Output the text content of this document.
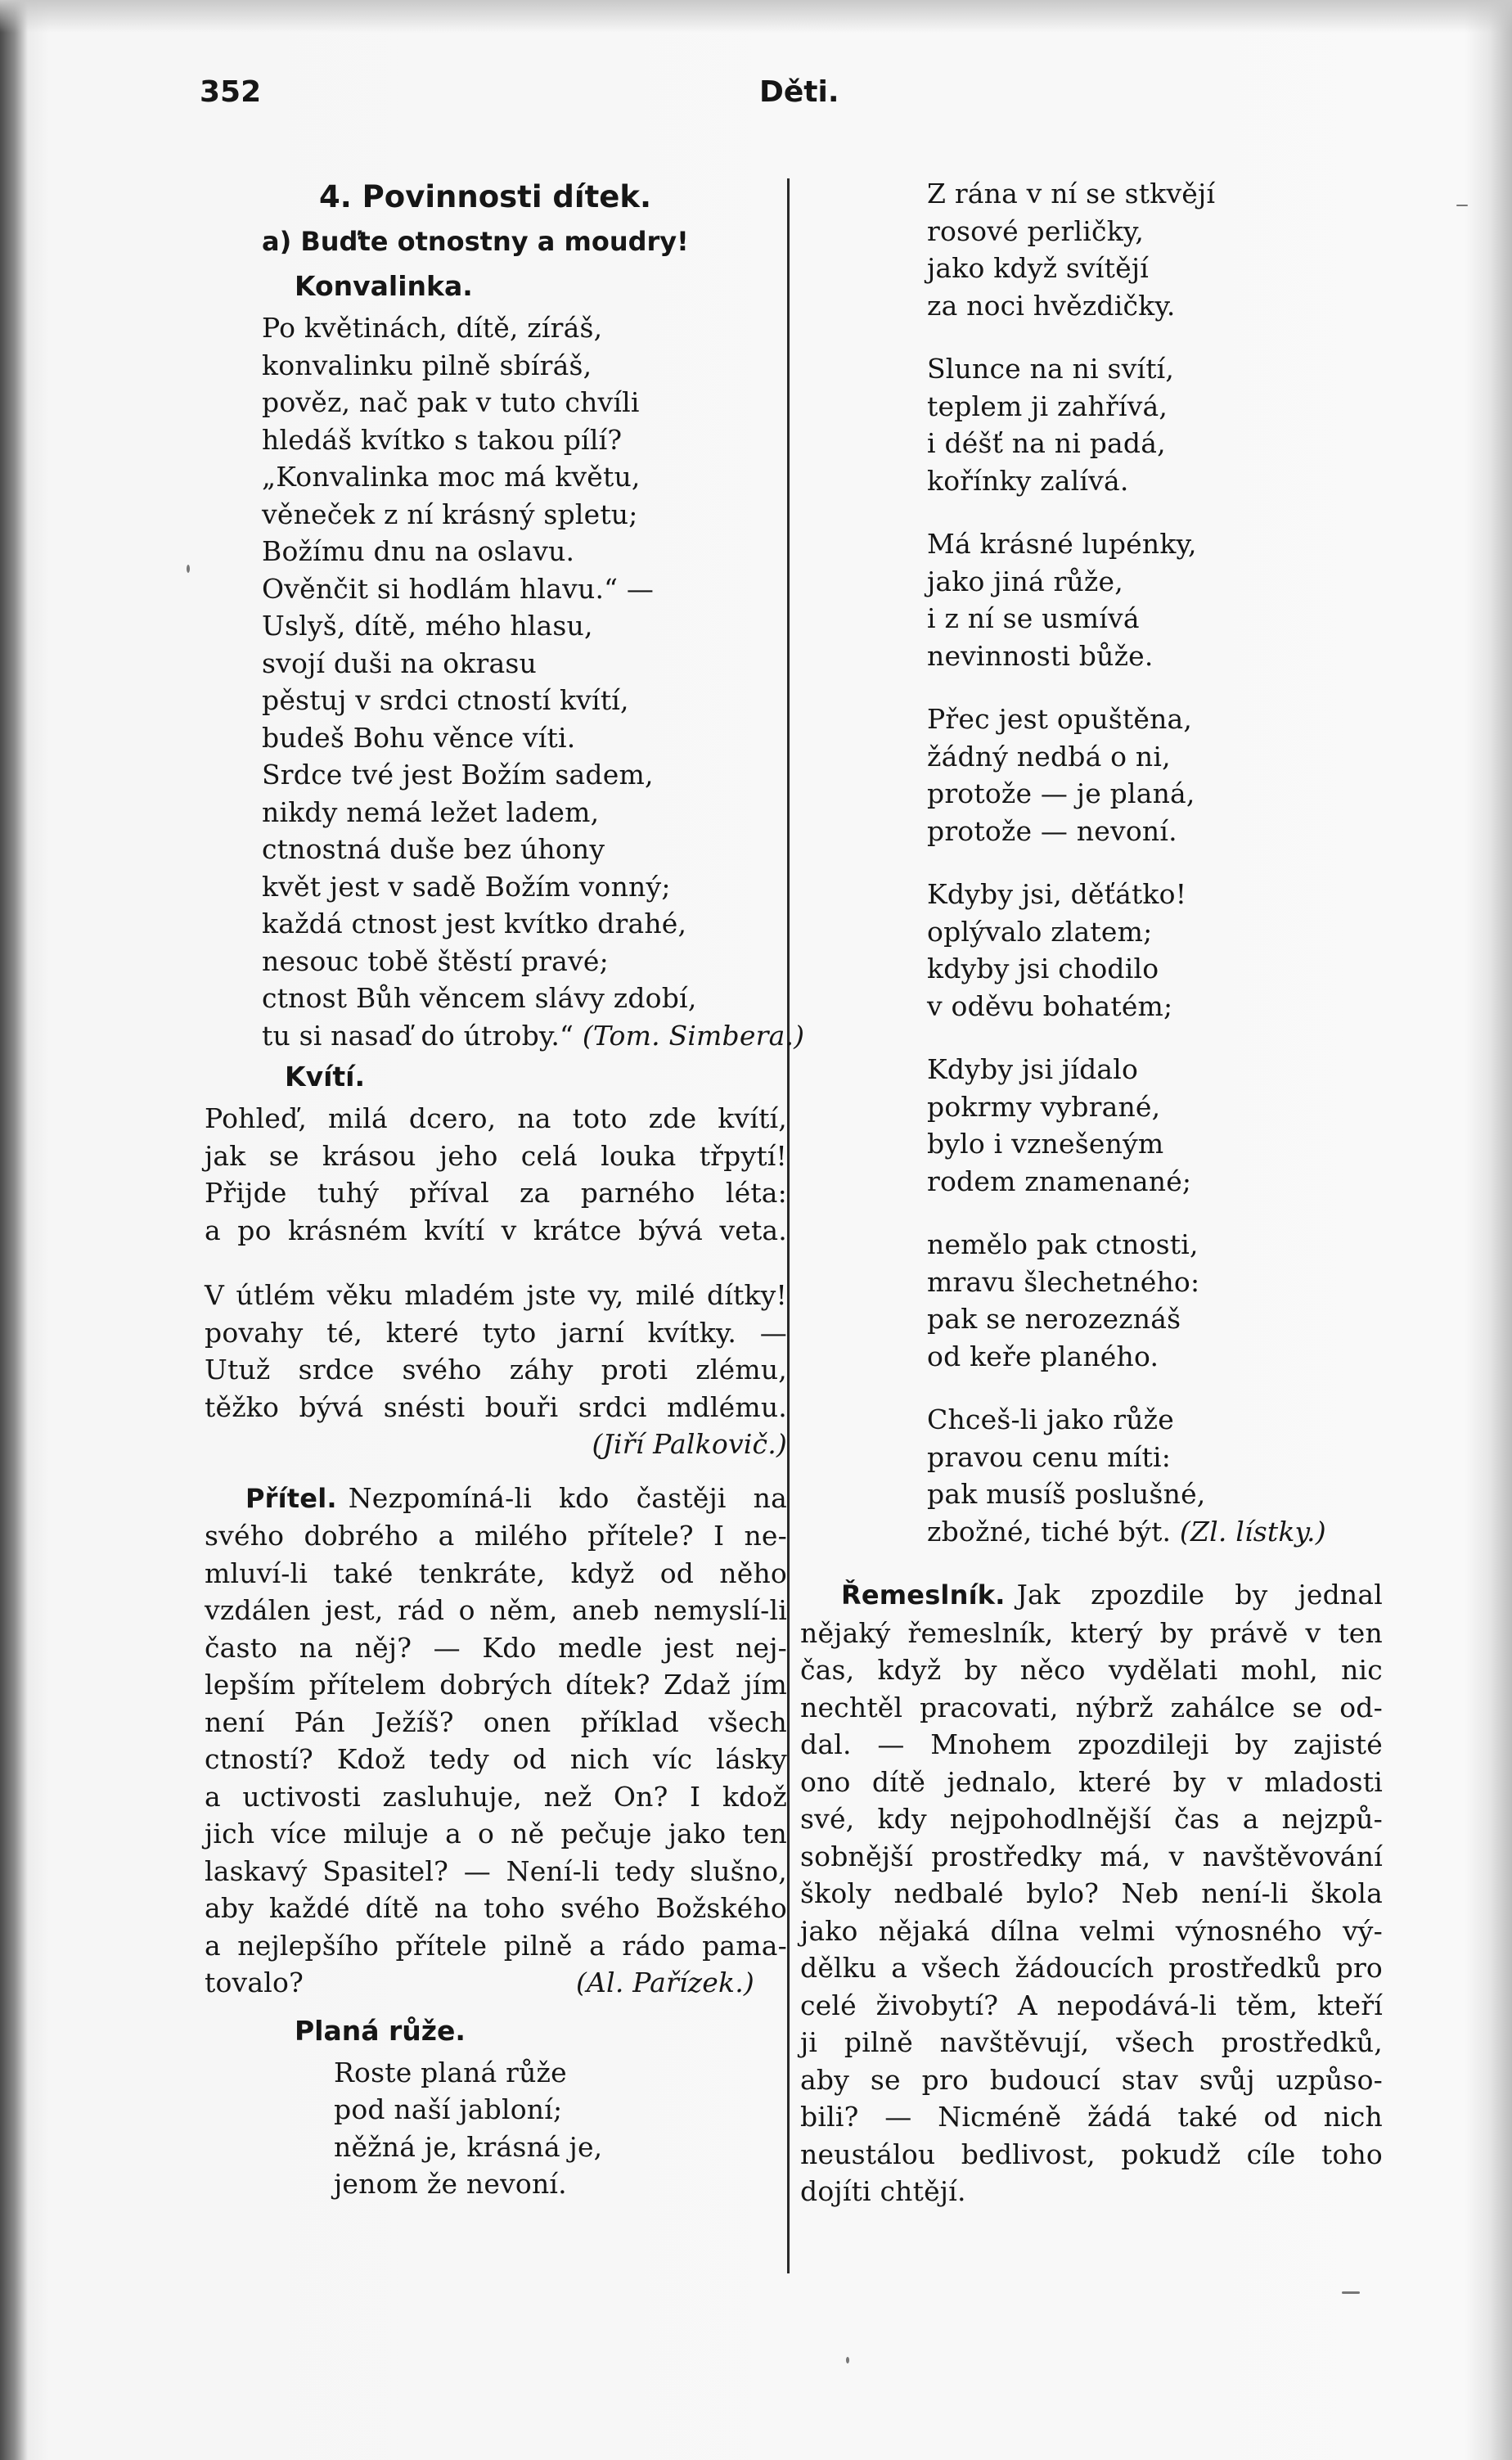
352	Děti.
4. Povinnosti dítek.
a) Buďte otnostny a moudry!
Konvalinka.
Po květinách, dítě, zíráš,
konvalinku pilně sbíráš,
pověz, nač pak v tuto chvíli
hledáš kvítko s takou pílí?
„Konvalinka moc má květu,
věneček z ní krásný spletu;
Božímu dnu na oslavu.
Ověnčit si hodlám hlavu.“ —
Uslyš, dítě, mého hlasu,
svojí duši na okrasu
pěstuj v srdci ctností kvítí,
budeš Bohu věnce víti.
Srdce tvé jest Božím sadem,
nikdy nemá ležet ladem,
ctnostná duše bez úhony
květ jest v sadě Božím vonný;
každá ctnost jest kvítko drahé,
nesouc tobě štěstí pravé;
ctnost Bůh věncem slávy zdobí,
tu si nasaď do útroby.“ (Tom. Simbera.)
Kvítí.
Pohleď, milá dcero, na toto zde kvítí,
jak se krásou jeho celá louka třpytí!
Přijde tuhý příval za parného léta:
a po krásném kvítí v krátce bývá veta.
V útlém věku mladém jste vy, milé dítky!
povahy té, které tyto jarní kvítky. —
Utuž srdce svého záhy proti zlému,
těžko bývá snésti bouři srdci mdlému.
(Jiří Palkovič.)
Přítel. Nezpomíná-li kdo častěji na
svého dobrého a milého přítele? I ne-
mluví-li také tenkráte, když od něho
vzdálen jest, rád o něm, aneb nemyslí-li
často na něj? — Kdo medle jest nej-
lepším přítelem dobrých dítek? Zdaž jím
není Pán Ježíš? onen příklad všech
ctností? Kdož tedy od nich víc lásky
a uctivosti zasluhuje, než On? I kdož
jich více miluje a o ně pečuje jako ten
laskavý Spasitel? — Není-li tedy slušno,
aby každé dítě na toho svého Božského
a nejlepšího přítele pilně a rádo pama-
tovalo?	(Al. Pařízek.)
Planá růže.
Roste planá růže
pod naší jabloní;
něžná je, krásná je,
jenom že nevoní.
Z rána v ní se stkvějí
rosové perličky,
jako když svítějí
za noci hvězdičky.
Slunce na ni svítí,
teplem ji zahřívá,
i déšť na ni padá,
kořínky zalívá.
Má krásné lupénky,
jako jiná růže,
i z ní se usmívá
nevinnosti bůže.
Přec jest opuštěna,
žádný nedbá o ni,
protože — je planá,
protože — nevoní.
Kdyby jsi, děťátko!
oplývalo zlatem;
kdyby jsi chodilo
v oděvu bohatém;
Kdyby jsi jídalo
pokrmy vybrané,
bylo i vznešeným
rodem znamenané;
nemělo pak ctnosti,
mravu šlechetného:
pak se nerozeznáš
od keře planého.
Chceš-li jako růže
pravou cenu míti:
pak musíš poslušné,
zbožné, tiché být. (Zl. lístky.)
Řemeslník. Jak zpozdile by jednal
nějaký řemeslník, který by právě v ten
čas, když by něco vydělati mohl, nic
nechtěl pracovati, nýbrž zahálce se od-
dal. — Mnohem zpozdileji by zajisté
ono dítě jednalo, které by v mladosti
své, kdy nejpohodlnější čas a nejzpů-
sobnější prostředky má, v navštěvování
školy nedbalé bylo? Neb není-li škola
jako nějaká dílna velmi výnosného vý-
dělku a všech žádoucích prostředků pro
celé živobytí? A nepodává-li těm, kteří
ji pilně navštěvují, všech prostředků,
aby se pro budoucí stav svůj uzpůso-
bili? — Nicméně žádá také od nich
neustálou bedlivost, pokudž cíle toho
dojíti chtějí.
